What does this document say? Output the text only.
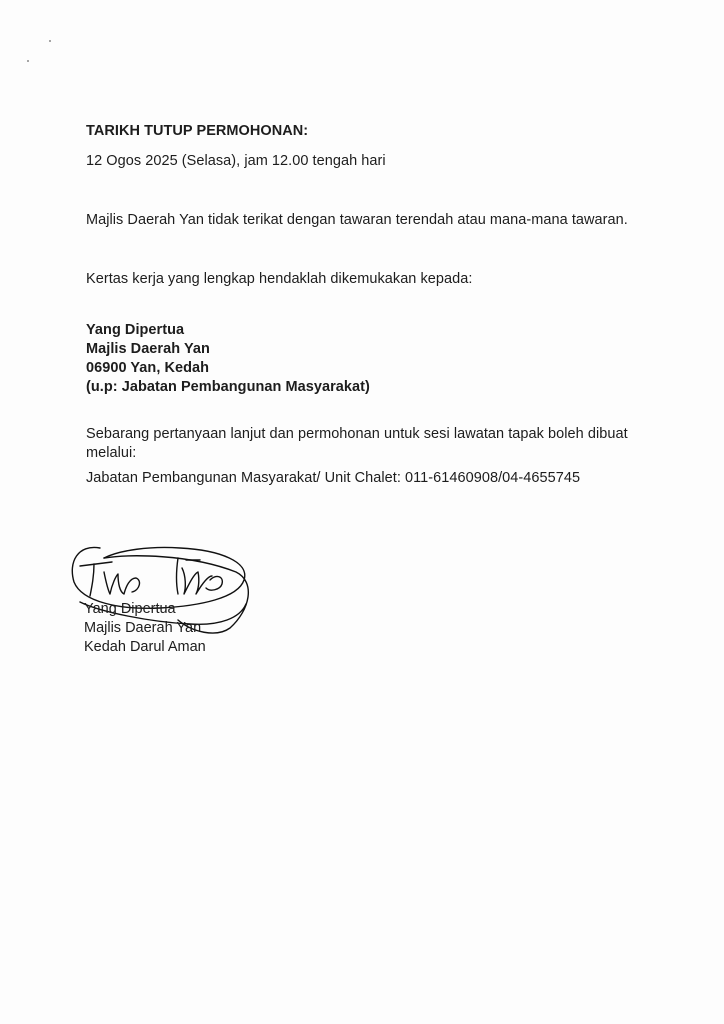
TARIKH TUTUP PERMOHONAN:
12 Ogos 2025 (Selasa), jam 12.00 tengah hari
Majlis Daerah Yan tidak terikat dengan tawaran terendah atau mana-mana tawaran.
Kertas kerja yang lengkap hendaklah dikemukakan kepada:
Yang Dipertua
Majlis Daerah Yan
06900 Yan, Kedah
(u.p: Jabatan Pembangunan Masyarakat)
Sebarang pertanyaan lanjut dan permohonan untuk sesi lawatan tapak boleh dibuat
melalui:
Jabatan Pembangunan Masyarakat/ Unit Chalet: 011-61460908/04-4655745
Yang Dipertua
Majlis Daerah Yan
Kedah Darul Aman
